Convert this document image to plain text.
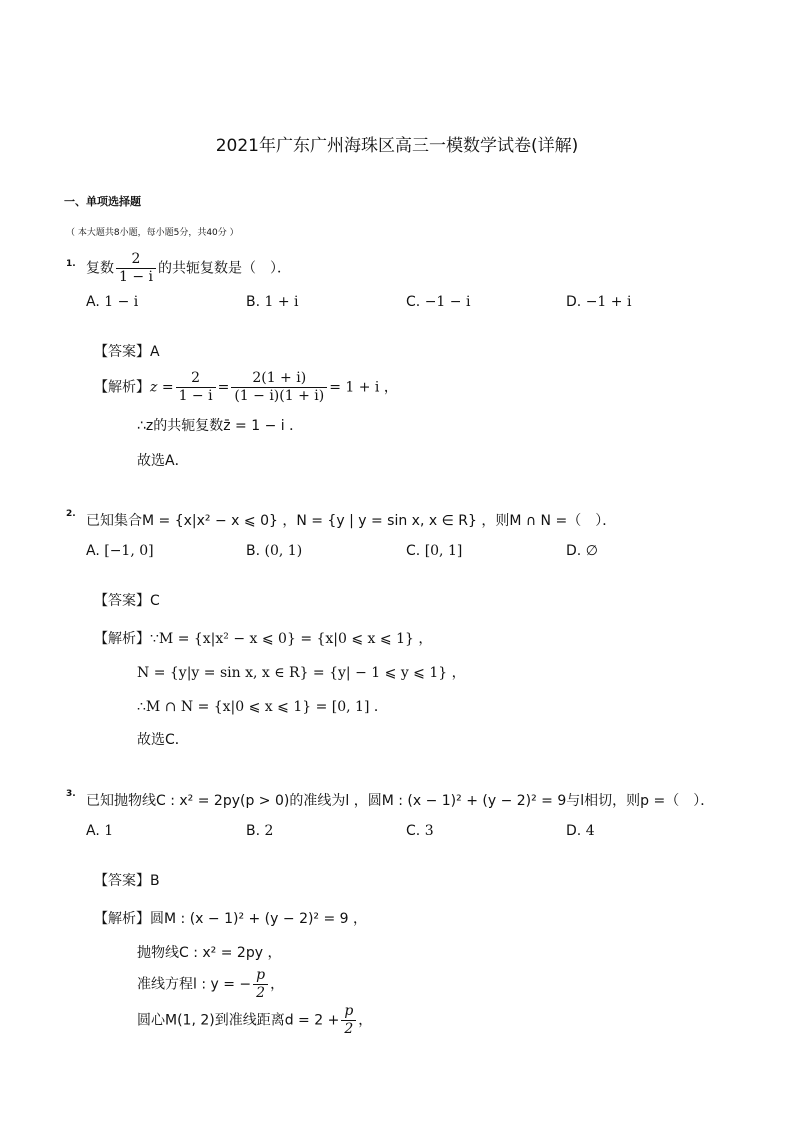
2021年广东广州海珠区高三一模数学试卷(详解)
一、单项选择题
（ 本大题共8小题，每小题5分，共40分 ）
1. 复数 $\frac{2}{1 - i}$ 的共轭复数是（　）．
A. 1 − i	B. 1 + i	C. −1 − i	D. −1 + i
【答案】A
【解析】$z = \frac{2}{1 - i} = \frac{2(1 + i)}{(1 - i)(1 + i)} = 1 + i$ ，
∴z的共轭复数z̄ = 1 − i ．
故选A．
2. 已知集合M = {x|x² − x ⩽ 0} ，N = {y | y = sin x, x ∈ R} ，则M ∩ N =（　）．
A. [−1, 0]	B. (0, 1)	C. [0, 1]	D. ∅
【答案】C
【解析】∵M = {x|x² − x ⩽ 0} = {x|0 ⩽ x ⩽ 1} ，
N = {y|y = sin x, x ∈ R} = {y| − 1 ⩽ y ⩽ 1} ，
∴M ∩ N = {x|0 ⩽ x ⩽ 1} = [0, 1] ．
故选C．
3. 已知抛物线C : x² = 2py(p > 0)的准线为l ，圆M : (x − 1)² + (y − 2)² = 9与l相切，则p =（　）．
A. 1	B. 2	C. 3	D. 4
【答案】B
【解析】圆M : (x − 1)² + (y − 2)² = 9 ，
抛物线C : x² = 2py ，
准线方程l : y = − $\frac{p}{2}$ ，
圆心M(1, 2)到准线距离$d = 2 + \frac{p}{2}$ ，
